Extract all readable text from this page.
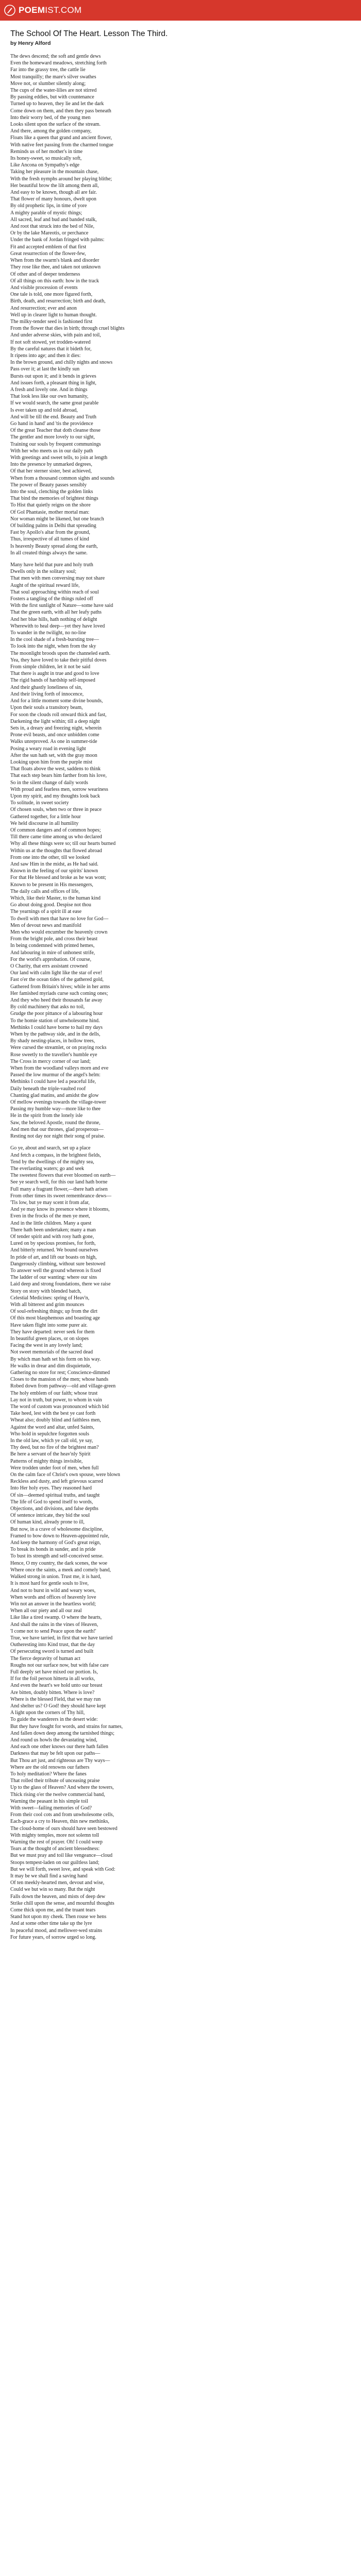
POEMIST.COM
The School Of The Heart. Lesson The Third.
by Henry Alford
The dews descend; the soft and gentle dews
Even the homeward meadows, stretching forth
Far into the grassy tree, the cattle lie
Most tranquilly; the mare's silver swathes
Move not, or slumber silently along;
The cups of the water-lilies are not stirred
By passing eddies, but with countenance
Turned up to heaven, they lie and let the dark
Come down on them, and then they pass beneath
Into their worry bed, of the young men
Looks silent upon the surface of the stream.
And there, among the golden company,
Floats like a queen that grand and ancient flower,
With native feet passing from the charmed tongue
Reminds us of her mother's in time
Its honey-sweet, so musically soft,
Like Ancona on Sympathy's edge
Taking her pleasure in the mountain chase,
With the fresh nymphs around her playing blithe;
Her beautiful brow the lilt among them all,
And easy to be known, though all are fair.
That flower of many honours, dwelt upon
By old prophetic lips, in time of yore
A mighty parable of mystic things;
All sacred, leaf and bud and banded stalk,
And root that struck into the bed of Nile,
Or by the lake Mareotis, or perchance
Under the bank of Jordan fringed with palms:
Fit and accepted emblem of that first
Great resurrection of the flower-few,
When from the swarm's blank and disorder
They rose like thee, and taken not unknown
Of other and of deeper tenderness
Of all things on this earth: how in the track
And visible procession of events
One tale is told, one more figured forth,
Birth, death, and resurrection; birth and death,
And resurrection; ever and anon
Well up in clearer light to human thought.
The milky-tender seed is fashioned first
From the flower that dies in birth; through cruel blights
And under adverse skies, with pain and toil,
If not soft stowed, yet trodden-watered
By the careful natures that it bideth for,
It ripens into age; and then it dies:
In the brown ground, and chilly nights and snows
Pass over it; at last the kindly sun
Bursts out upon it; and it bends in grieves
And issues forth, a pleasant thing in light,
A fresh and lovely one. And in things
That look less like our own humanity,
If we would search, the same great parable
Is ever taken up and told abroad,
And will be till the end. Beauty and Truth
Go hand in hand' and 'tis the providence
Of the great Teacher that doth cleanse those
The gentler and more lovely to our sight,
Training our souls by frequent communings
With her who meets us in our daily path
With greetings and sweet tells, to join at length
Into the presence by unmarked degrees,
Of that her sterner sister, best achieved,
When from a thousand common sights and sounds
The power of Beauty passes sensibly
Into the soul, clenching the golden links
That bind the memories of brightest things
To Hist that quietly reigns on the shore
Of Gol Phantasie, mother mortal man:
Nor woman might be likened, but one branch
Of building palms in Delhi that spreading
Fast by Apollo's altar from the ground,
Thus, irrespective of all tumes of kind
Is heavenly Beauty spread along the earth,
In all created things always the same.
Many have held that pure and holy truth
Dwells only in the solitary soul;
That men with men conversing may not share
Aught of the spiritual reward life,
That soul approaching within reach of soul
Fosters a tangling of the things ruled off
With the first sunlight of Nature—some have said
That the green earth, with all her leafy paths
And her blue hills, hath nothing of delight
Wherewith to heal deep—yet they have loved
To wander in the twilight, no no-line
In the cool shade of a fresh-bursting tree—
To look into the night, when from the sky
The moonlight broods upon the channeled earth.
Yea, they have loved to take their pitiful doves
From simple children, let it not be said
That there is aught in true and good to love
The rigid bands of hardship self-imposed
And their ghastly loneliness of sin,
And their living forth of innocence,
And for a little moment some divine bounds,
Upon their souls a transitory beam,
For soon the clouds roll onward thick and fast,
Darkening the light within; till a deep night
Sets in, a dreary and freezing night, wherein
Prone evil beasts, and once unbidden come
Walks unreproved. As one in summer-tide
Posing a weary road in evening light
After the sun hath set, with the gray moon
Looking upon him from the purple mist
That floats above the west, saddens to think
That each step bears him farther from his love,
So in the silent change of daily words
With proud and fearless men, sorrow weariness
Upon my spirit, and my thoughts look back
To solitude, in sweet society
Of chosen souls, when two or three in peace
Gathered together, for a little hour
We held discourse in all humility
Of common dangers and of common hopes;
Till there came time among us who declared
Why all these things were so; till our hearts burned
Within us at the thoughts that flowed abroad
From one into the other, till we looked
And saw Him in the midst, as He had said.
Known in the feeling of our spirits' known
For that He blessed and broke as he was wont;
Known to be present in His messengers,
The daily calls and offices of life,
Which, like their Master, to the human kind
Go about doing good. Despise not thou
The yearnings of a spirit ill at ease
To dwell with men that have no love for God—
Men of devout news and manifold
Men who would encumber the heavenly crown
From the bright pole, and cross their beast
In being condemned with printed hemes,
And labouring in mire of unhonest strife,
For the world's approbation. Of course,
O Charity, that errs assistant crowned
Our land with calm light like the star of eve!
Fast o'er the ocean tides of the gathered gold,
Gathered from Britain's hives; while in her arms
Her famished myriads curse such coming ones;
And they who heed their thousands far away
By cold machinery that asks no toil,
Grudge the poor pittance of a labouring hour
To the homie station of unwholesome hind.
Methinks I could have borne to hail my days
When by the pathway side, and in the dells,
By shady nesting-places, in hollow trees,
Were cursed the streamlet, or on praying rocks
Rose sweetly to the traveller's humble eye
The Cross in mercy corner of our land;
When from the woodland valleys morn and eve
Passed the low murmur of the angel's helm:
Methinks I could have led a peaceful life,
Daily beneath the triple-vaulted roof
Chanting glad matins, and amidst the glow
Of mellow evenings towards the village-tower
Passing my humble way—more like to thee
He in the spirit from the lonely isle
Saw, the beloved Apostle, round the throne,
And men that our thrones, glad prosperous—
Resting not day nor night their song of praise.
Go ye, about and search, set up a place
And fetch a compass, in the brightest fields,
Tend by the dwellings of the mighty sea,
The everlasting waters; go and seek
The sweetest flowers that ever bloomed on earth—
See ye search well, for this our land hath borne
Full many a fragrant flower,—there hath arisen
From other times its sweet remembrance dews—
'Tis low, but ye may scent it from afar,
And ye may know its presence where it blooms,
Even in the frocks of the men ye meet,
And in the little children. Many a quest
There hath been undertaken; many a man
Of tender spirit and with rosy hath gone,
Lured on by specious promises, for forth,
And bitterly returned. We bound ourselves
In pride of art, and lift our boasts on high,
Dangerously climbing, without sure bestowed
To answer well the ground whereon is fixed
The ladder of our wanting: where our sins
Laid deep and strong foundations, there we raise
Story on story with blended batch,
Celestial Medicines: spring of Heav'n,
With all bitterest and grim mounces
Of soul-refreshing things; up from the dirt
Of this most blasphemous and boasting age
Have taken flight into some purer air.
They have departed: never seek for them
In beautiful green places, or on slopes
Facing the west in any lovely land;
Not sweet memorials of the sacred dead
By which man hath set his form on his way.
He walks in drear and dim disquietude,
Gathering no store for rest; Conscience-dimmed
Closes to the mansion of the men; whose hands
Robed down from pathway—old and village-green
The holy emblem of our faith; whose trust
Lay not in truth, but power, to whom in vain
The word of custom was pronounced which bid
Take heed, lest with the best ye cast forth
Wheat also; doubly blind and faithless men,
Against the word and altar, unfed Saints,
Who hold in sepulchre forgotten souls
In the old law, which ye call old, ye say,
Thy deed, but no fire of the brightest man?
Be here a servant of the heav'nly Spirit
Patterns of mighty things invisible,
Were trodden under foot of men, when full
On the calm face of Christ's own spouse, were blown
Reckless and dusty, and left grievous scarred
Into Her holy eyes. They reasoned hard
Of sin—deemed spiritual truths, and taught
The life of God to spend itself to words,
Objections, and divisions, and false depths
Of sentence intricate, they bid the soul
Of human kind, already prone to ill,
But now, in a crave of wholesome discipline,
Framed to bow down to Heaven-appointed rule,
And keep the harmony of God's great reign,
To break its bonds in sunder, and in pride
To bust its strength and self-conceived sense.
Hence, O my country, the dark scenes, the woe
Where once the saints, a meek and comely band,
Walked strong in union. Trust me, it is hard,
It is most hard for gentle souls to live,
And not to burst in wild and weary woes,
When words and offices of heavenly love
Win not an answer in the heartless world;
When all our piety and all our zeal
Like like a tired swamp. O where the hearts,
And shall the rains in the vines of Heaven,
'I come not to send Peace upon the earth!'
True, we have tarried, in first that we have tarried
Outheresting into Kind trust, that the day
Of persecuting sword is turned and built
The fierce depravity of human act
Roughs not our surface now, but with false care
Full deeply set have mixed our portion. Is,
If for the foil person hitterta in all works,
And even the heart's we hold unto our breast
Are bitten, doubly bitten. Where is love?
Where is the blessed Field, that we may run
And shelter us? O God! they should have kept
A light upon the corners of Thy hill,
To guide the wanderers in the desert wide:
But they have fought for words, and strains for names,
And fallen down deep among the tarnished things;
And round us howls the devastating wind,
And each one other knows our there hath fallen
Darkness that may be felt upon our paths—
But Thou art just, and righteous are Thy ways—
Where are the old renowns our fathers
To holy meditation? Where the fanes
That rolled their tribute of unceasing praise
Up to the glass of Heaven? And where the towers,
Thick rising o'er the twelve commercial band,
Warning the peasant in his simple toil
With sweet—failing memories of God?
From their cool cots and from unwholesome cells,
Each-grace a cry to Heaven, thin new methinks,
The cloud-home of ours should have seen bestowed
With mighty temples, more not solemn toll
Warning the rest of prayer. Oh! I could weep
Tears at the thought of ancient blessedness:
But we must pray and toil like vengeance—cloud
Stoops tempest-laden on our guiltless land;
But we will forth, sweet love, and speak with God:
It may be we shall find a saving hand
Of ten meekly-hearted men, devout and wise,
Could we but win so many. But the night
Falls down the heaven, and mists of deep dew
Strike chill upon the sense, and mournful thoughts
Come thick upon me, and the truant tears
Stand hot upon my cheek. Then rouse we hens
And at some other time take up the lyre
In peaceful mood, and mellower-wed strains
For future years, of sorrow urged so long.
